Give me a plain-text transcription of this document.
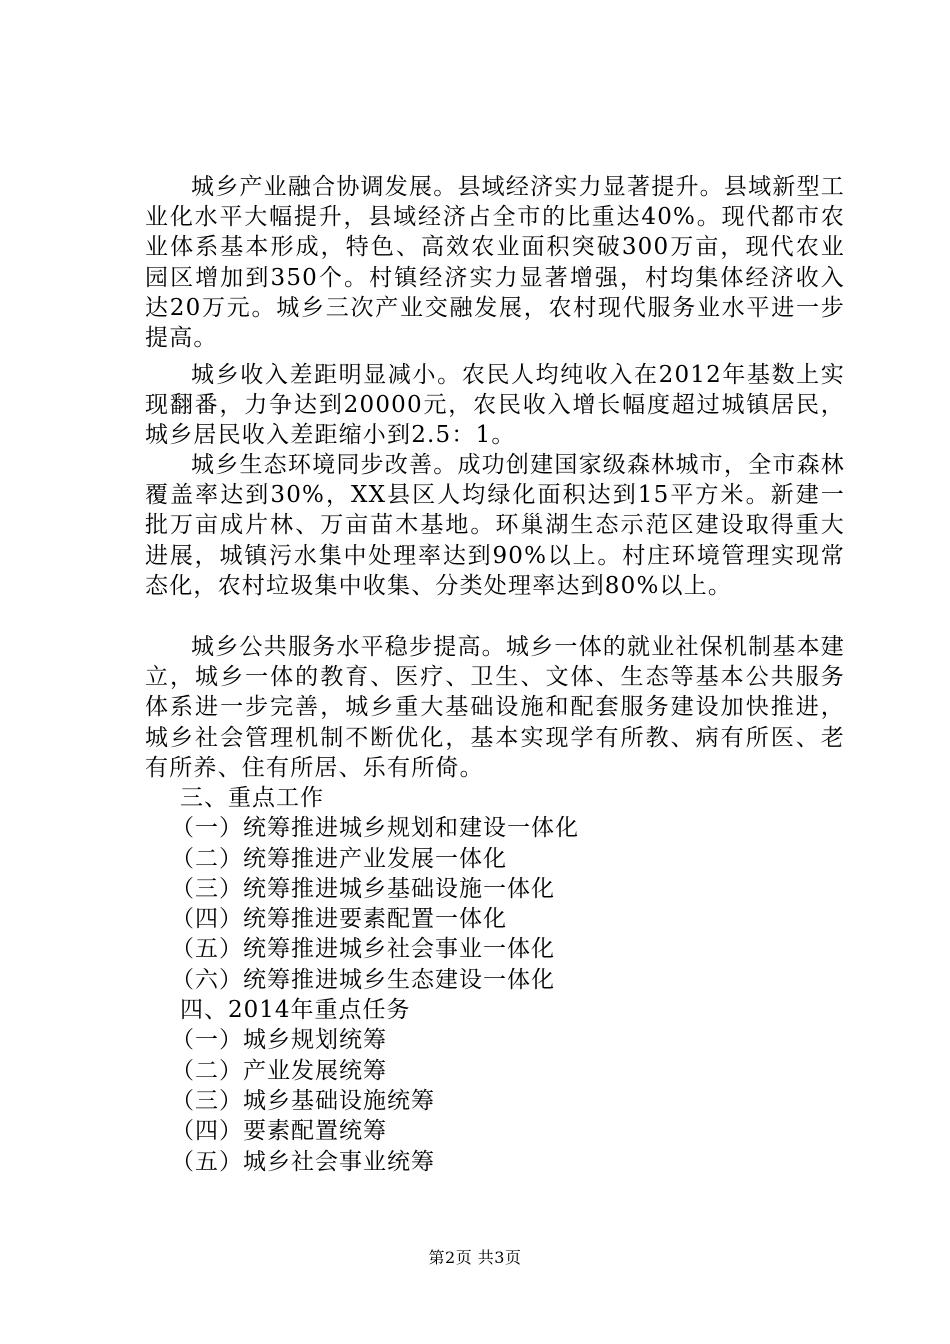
城乡产业融合协调发展。县域经济实力显著提升。县域新型工业化水平大幅提升，县域经济占全市的比重达40%。现代都市农业体系基本形成，特色、高效农业面积突破300万亩，现代农业园区增加到350个。村镇经济实力显著增强，村均集体经济收入达20万元。城乡三次产业交融发展，农村现代服务业水平进一步提高。

城乡收入差距明显减小。农民人均纯收入在2012年基数上实现翻番，力争达到20000元，农民收入增长幅度超过城镇居民，城乡居民收入差距缩小到2.5：1。

城乡生态环境同步改善。成功创建国家级森林城市，全市森林覆盖率达到30%，XX县区人均绿化面积达到15平方米。新建一批万亩成片林、万亩苗木基地。环巢湖生态示范区建设取得重大进展，城镇污水集中处理率达到90%以上。村庄环境管理实现常态化，农村垃圾集中收集、分类处理率达到80%以上。

城乡公共服务水平稳步提高。城乡一体的就业社保机制基本建立，城乡一体的教育、医疗、卫生、文体、生态等基本公共服务体系进一步完善，城乡重大基础设施和配套服务建设加快推进，城乡社会管理机制不断优化，基本实现学有所教、病有所医、老有所养、住有所居、乐有所倚。

三、重点工作
（一）统筹推进城乡规划和建设一体化
（二）统筹推进产业发展一体化
（三）统筹推进城乡基础设施一体化
（四）统筹推进要素配置一体化
（五）统筹推进城乡社会事业一体化
（六）统筹推进城乡生态建设一体化
四、2014年重点任务
（一）城乡规划统筹
（二）产业发展统筹
（三）城乡基础设施统筹
（四）要素配置统筹
（五）城乡社会事业统筹
第2页 共3页
